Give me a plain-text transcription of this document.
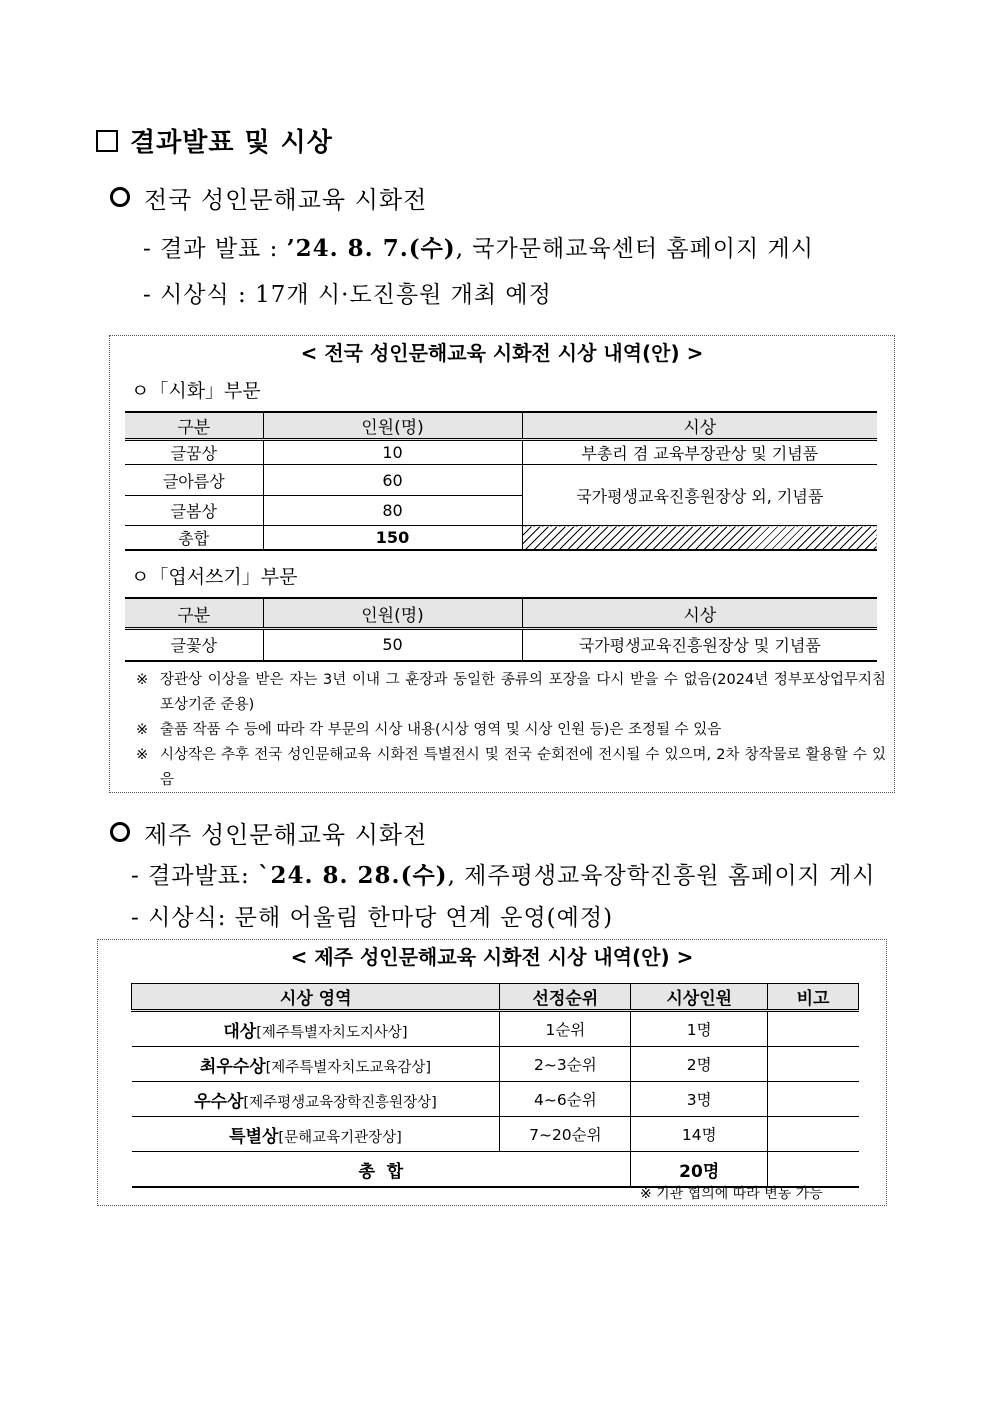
결과발표 및 시상
전국 성인문해교육 시화전
- 결과 발표 : ’24. 8. 7.(수), 국가문해교육센터 홈페이지 게시
- 시상식 : 17개 시·도진흥원 개최 예정
< 전국 성인문해교육 시화전 시상 내역(안) >
ㅇ「시화」부문
구분	인원(명)	시상
글꿈상	10	부총리 겸 교육부장관상 및 기념품
글아름상	60	국가평생교육진흥원장상 외, 기념품
글봄상	80	
총합	150	
ㅇ「엽서쓰기」부문
구분	인원(명)	시상
글꽃상	50	국가평생교육진흥원장상 및 기념품
※ 장관상 이상을 받은 자는 3년 이내 그 훈장과 동일한 종류의 포장을 다시 받을 수 없음(2024년 정부포상업무지침 포상기준 준용)
※ 출품 작품 수 등에 따라 각 부문의 시상 내용(시상 영역 및 시상 인원 등)은 조정될 수 있음
※ 시상작은 추후 전국 성인문해교육 시화전 특별전시 및 전국 순회전에 전시될 수 있으며, 2차 창작물로 활용할 수 있음
제주 성인문해교육 시화전
- 결과발표: `24. 8. 28.(수), 제주평생교육장학진흥원 홈페이지 게시
- 시상식: 문해 어울림 한마당 연계 운영(예정)
< 제주 성인문해교육 시화전 시상 내역(안) >
시상 영역	선정순위	시상인원	비고
대상[제주특별자치도지사상]	1순위	1명	
최우수상[제주특별자치도교육감상]	2~3순위	2명	
우수상[제주평생교육장학진흥원장상]	4~6순위	3명	
특별상[문해교육기관장상]	7~20순위	14명	
총  합		20명	
※ 기관 협의에 따라 변동 가능
